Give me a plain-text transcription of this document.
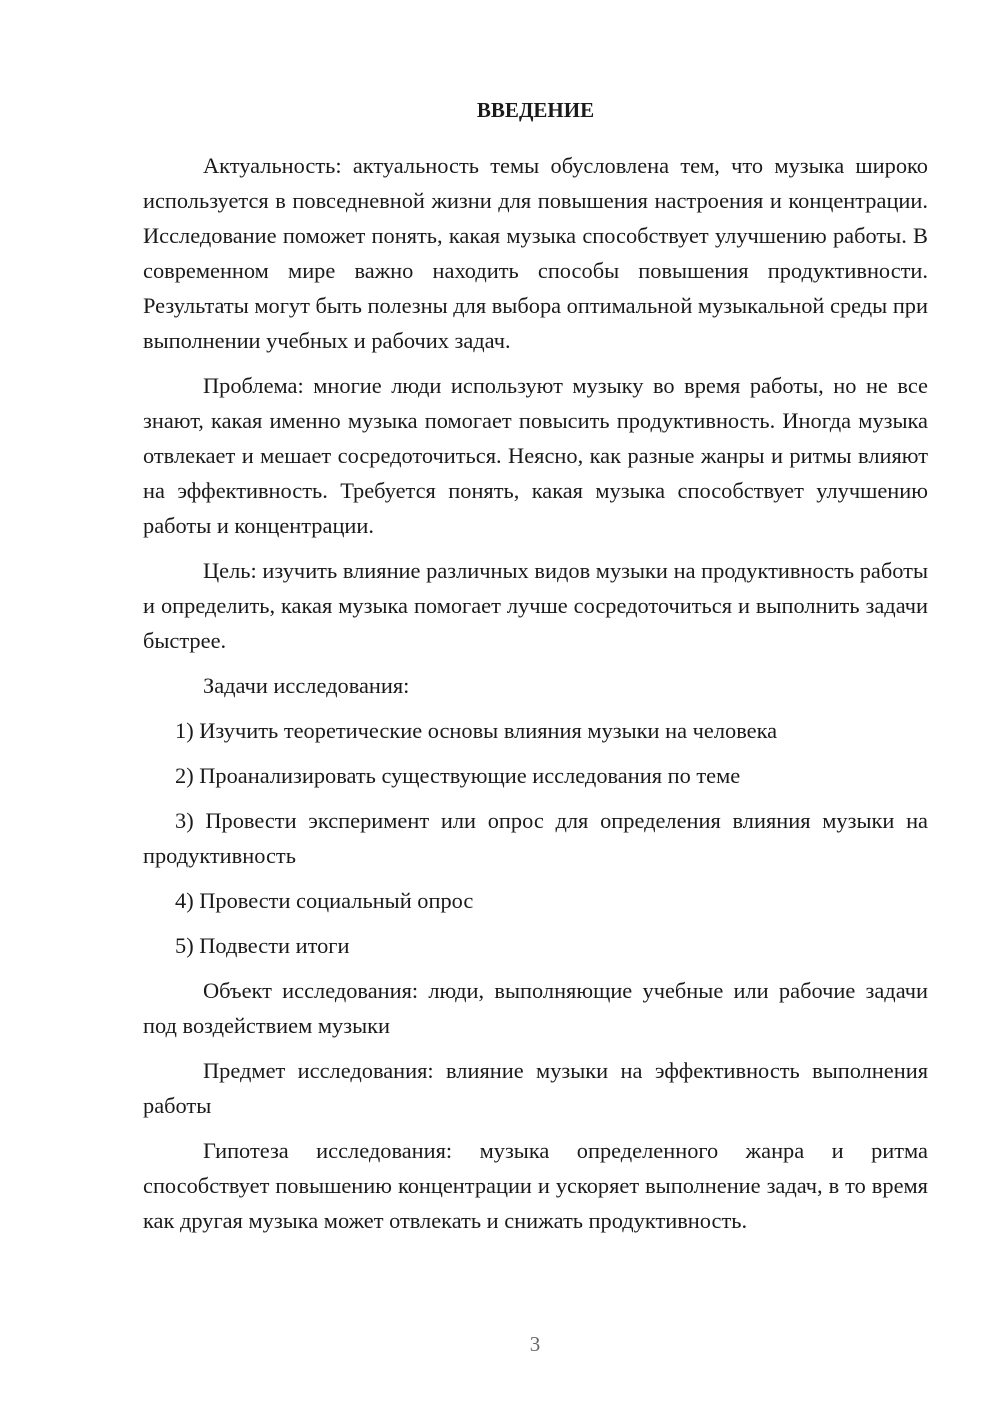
ВВЕДЕНИЕ

Актуальность: актуальность темы обусловлена тем, что музыка широко используется в повседневной жизни для повышения настроения и концентрации. Исследование поможет понять, какая музыка способствует улучшению работы. В современном мире важно находить способы повышения продуктивности. Результаты могут быть полезны для выбора оптимальной музыкальной среды при выполнении учебных и рабочих задач.

Проблема: многие люди используют музыку во время работы, но не все знают, какая именно музыка помогает повысить продуктивность. Иногда музыка отвлекает и мешает сосредоточиться. Неясно, как разные жанры и ритмы влияют на эффективность. Требуется понять, какая музыка способствует улучшению работы и концентрации.

Цель: изучить влияние различных видов музыки на продуктивность работы и определить, какая музыка помогает лучше сосредоточиться и выполнить задачи быстрее.

Задачи исследования:

1) Изучить теоретические основы влияния музыки на человека

2) Проанализировать существующие исследования по теме

3) Провести эксперимент или опрос для определения влияния музыки на продуктивность

4) Провести социальный опрос

5) Подвести итоги

Объект исследования: люди, выполняющие учебные или рабочие задачи под воздействием музыки

Предмет исследования: влияние музыки на эффективность выполнения работы

Гипотеза исследования: музыка определенного жанра и ритма способствует повышению концентрации и ускоряет выполнение задач, в то время как другая музыка может отвлекать и снижать продуктивность.

3
